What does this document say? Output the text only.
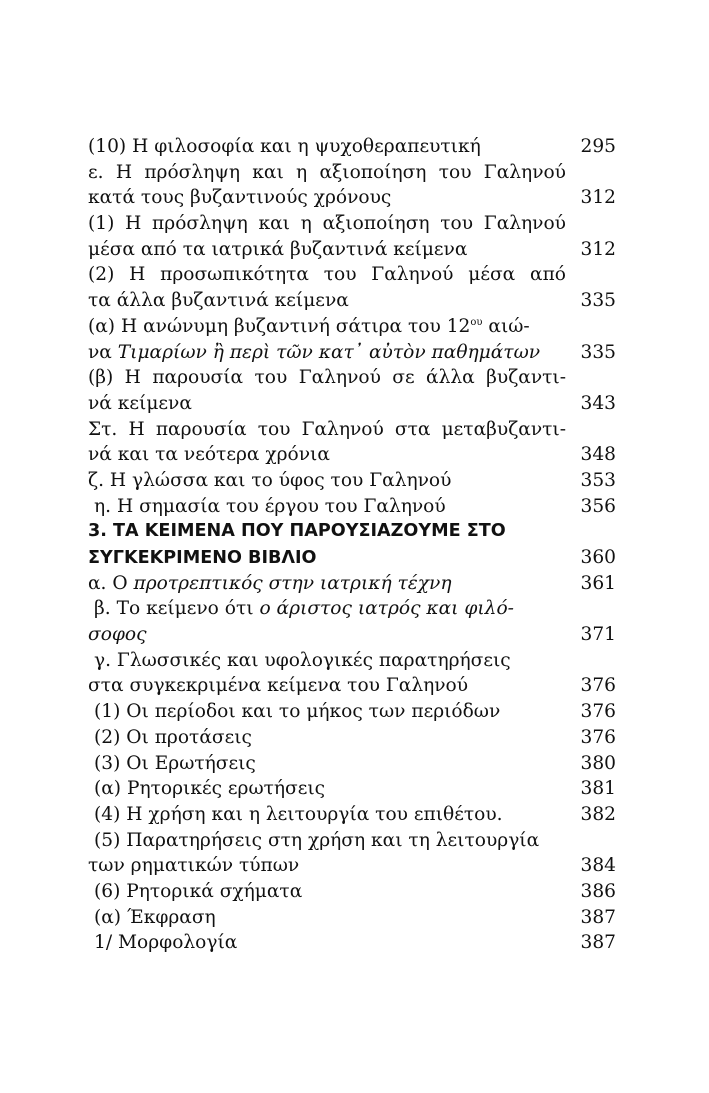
(10) Η φιλοσοφία και η ψυχοθεραπευτική	295
ε. Η πρόσληψη και η αξιοποίηση του Γαληνού
κατά τους βυζαντινούς χρόνους	312
(1) Η πρόσληψη και η αξιοποίηση του Γαληνού
μέσα από τα ιατρικά βυζαντινά κείμενα	312
(2) Η προσωπικότητα του Γαληνού μέσα από
τα άλλα βυζαντινά κείμενα	335
(α) Η ανώνυμη βυζαντινή σάτιρα του $12^{o\upsilon}$ αιώ-
να Τιμαρίων ἢ περὶ τῶν κατ᾽ αὐτὸν παθημάτων	335
(β) Η παρουσία του Γαληνού σε άλλα βυζαντι-
νά κείμενα	343
Στ. Η παρουσία του Γαληνού στα μεταβυζαντι-
νά και τα νεότερα χρόνια	348
ζ. Η γλώσσα και το ύφος του Γαληνού	353
η. Η σημασία του έργου του Γαληνού	356
3. ΤΑ ΚΕΙΜΕΝΑ ΠΟΥ ΠΑΡΟΥΣΙΑΖΟΥΜΕ ΣΤΟ
ΣΥΓΚΕΚΡΙΜΕΝΟ ΒΙΒΛΙΟ	360
α. Ο προτρεπτικός στην ιατρική τέχνη	361
β. Το κείμενο ότι ο άριστος ιατρός και φιλό-
σοφος	371
γ. Γλωσσικές και υφολογικές παρατηρήσεις
στα συγκεκριμένα κείμενα του Γαληνού	376
(1) Οι περίοδοι και το μήκος των περιόδων	376
(2) Οι προτάσεις	376
(3) Οι Ερωτήσεις	380
(α) Ρητορικές ερωτήσεις	381
(4) Η χρήση και η λειτουργία του επιθέτου.	382
(5) Παρατηρήσεις στη χρήση και τη λειτουργία
των ρηματικών τύπων	384
(6) Ρητορικά σχήματα	386
(α) Έκφραση	387
1/ Μορφολογία	387
